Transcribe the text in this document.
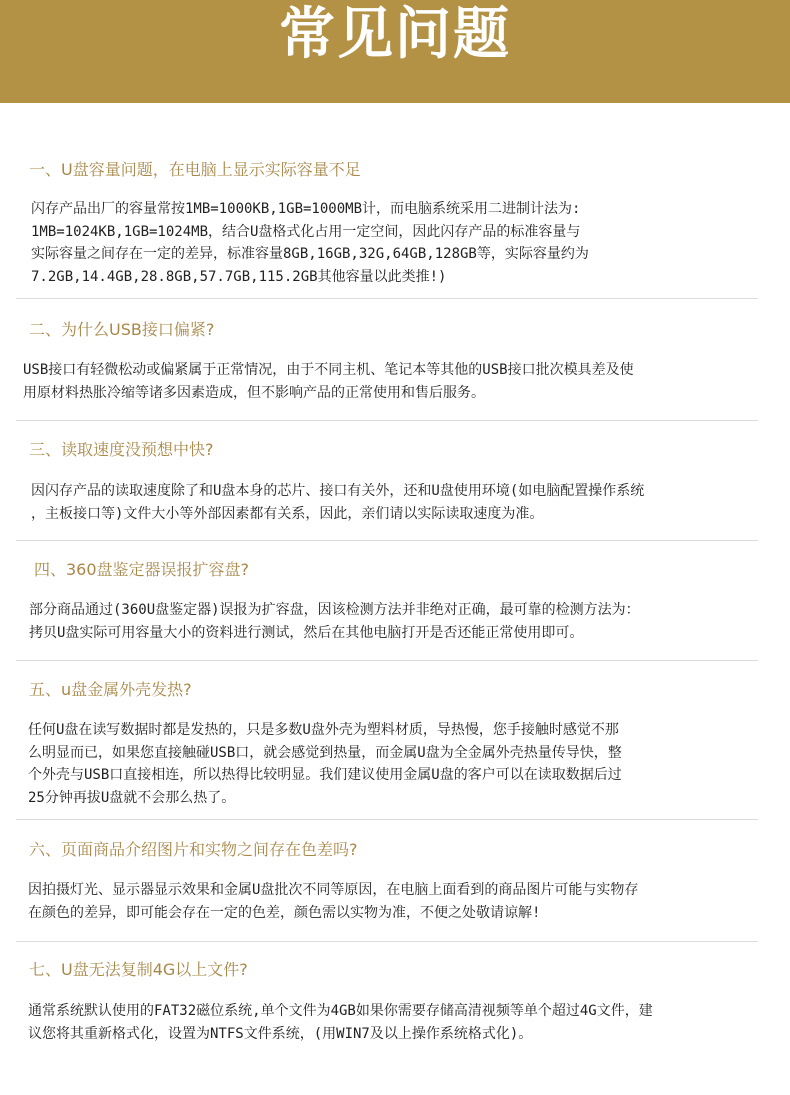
常见问题

一、U盘容量问题，在电脑上显示实际容量不足

闪存产品出厂的容量常按1MB=1000KB,1GB=1000MB计，而电脑系统采用二进制计法为:
1MB=1024KB,1GB=1024MB，结合U盘格式化占用一定空间，因此闪存产品的标准容量与
实际容量之间存在一定的差异，标准容量8GB,16GB,32G,64GB,128GB等，实际容量约为
7.2GB,14.4GB,28.8GB,57.7GB,115.2GB其他容量以此类推!)

二、为什么USB接口偏紧?

USB接口有轻微松动或偏紧属于正常情况，由于不同主机、笔记本等其他的USB接口批次模具差及使
用原材料热胀冷缩等诸多因素造成，但不影响产品的正常使用和售后服务。

三、读取速度没预想中快?

因闪存产品的读取速度除了和U盘本身的芯片、接口有关外，还和U盘使用环境(如电脑配置操作系统
，主板接口等)文件大小等外部因素都有关系，因此，亲们请以实际读取速度为准。

四、360盘鉴定器误报扩容盘?

部分商品通过(360U盘鉴定器)误报为扩容盘，因该检测方法并非绝对正确，最可靠的检测方法为：
拷贝U盘实际可用容量大小的资料进行测试，然后在其他电脑打开是否还能正常使用即可。

五、u盘金属外壳发热?

任何U盘在读写数据时都是发热的，只是多数U盘外壳为塑料材质，导热慢，您手接触时感觉不那
么明显而已，如果您直接触碰USB口，就会感觉到热量，而金属U盘为全金属外壳热量传导快，整
个外壳与USB口直接相连，所以热得比较明显。我们建议使用金属U盘的客户可以在读取数据后过
25分钟再拔U盘就不会那么热了。

六、页面商品介绍图片和实物之间存在色差吗?

因拍摄灯光、显示器显示效果和金属U盘批次不同等原因，在电脑上面看到的商品图片可能与实物存
在颜色的差异，即可能会存在一定的色差，颜色需以实物为准，不便之处敬请谅解!

七、U盘无法复制4G以上文件?

通常系统默认使用的FAT32磁位系统,单个文件为4GB如果你需要存储高清视频等单个超过4G文件，建
议您将其重新格式化，设置为NTFS文件系统，(用WIN7及以上操作系统格式化)。
